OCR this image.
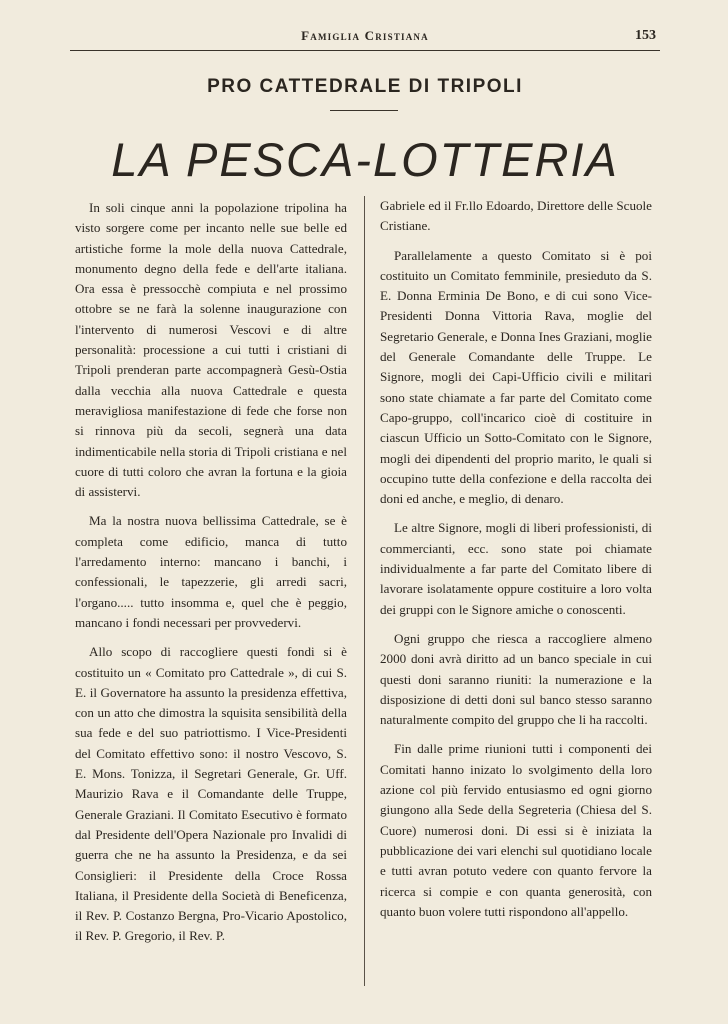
Famiglia Cristiana	153
PRO CATTEDRALE DI TRIPOLI
LA PESCA-LOTTERIA

In soli cinque anni la popolazione tripolina ha visto sorgere come per incanto nelle sue belle ed artistiche forme la mole della nuova Cattedrale, monumento degno della fede e dell'arte italiana. Ora essa è pressocchè compiuta e nel prossimo ottobre se ne farà la solenne inaugurazione con l'intervento di numerosi Vescovi e di altre personalità: processione a cui tutti i cristiani di Tripoli prenderan parte accompagnerà Gesù-Ostia dalla vecchia alla nuova Cattedrale e questa meravigliosa manifestazione di fede che forse non si rinnova più da secoli, segnerà una data indimenticabile nella storia di Tripoli cristiana e nel cuore di tutti coloro che avran la fortuna e la gioia di assistervi.

Ma la nostra nuova bellissima Cattedrale, se è completa come edificio, manca di tutto l'arredamento interno: mancano i banchi, i confessionali, le tapezzerie, gli arredi sacri, l'organo..... tutto insomma e, quel che è peggio, mancano i fondi necessari per provvedervi.

Allo scopo di raccogliere questi fondi si è costituito un « Comitato pro Cattedrale », di cui S. E. il Governatore ha assunto la presidenza effettiva, con un atto che dimostra la squisita sensibilità della sua fede e del suo patriottismo. I Vice-Presidenti del Comitato effettivo sono: il nostro Vescovo, S. E. Mons. Tonizza, il Segretari Generale, Gr. Uff. Maurizio Rava e il Comandante delle Truppe, Generale Graziani. Il Comitato Esecutivo è formato dal Presidente dell'Opera Nazionale pro Invalidi di guerra che ne ha assunto la Presidenza, e da sei Consiglieri: il Presidente della Croce Rossa Italiana, il Presidente della Società di Beneficenza, il Rev. P. Costanzo Bergna, Pro-Vicario Apostolico, il Rev. P. Gregorio, il Rev. P.

Gabriele ed il Fr.llo Edoardo, Direttore delle Scuole Cristiane.

Parallelamente a questo Comitato si è poi costituito un Comitato femminile, presieduto da S. E. Donna Erminia De Bono, e di cui sono Vice-Presidenti Donna Vittoria Rava, moglie del Segretario Generale, e Donna Ines Graziani, moglie del Generale Comandante delle Truppe. Le Signore, mogli dei Capi-Ufficio civili e militari sono state chiamate a far parte del Comitato come Capo-gruppo, coll'incarico cioè di costituire in ciascun Ufficio un Sotto-Comitato con le Signore, mogli dei dipendenti del proprio marito, le quali si occupino tutte della confezione e della raccolta dei doni ed anche, e meglio, di denaro.

Le altre Signore, mogli di liberi professionisti, di commercianti, ecc. sono state poi chiamate individualmente a far parte del Comitato libere di lavorare isolatamente oppure costituire a loro volta dei gruppi con le Signore amiche o conoscenti.

Ogni gruppo che riesca a raccogliere almeno 2000 doni avrà diritto ad un banco speciale in cui questi doni saranno riuniti: la numerazione e la disposizione di detti doni sul banco stesso saranno naturalmente compito del gruppo che li ha raccolti.

Fin dalle prime riunioni tutti i componenti dei Comitati hanno inizato lo svolgimento della loro azione col più fervido entusiasmo ed ogni giorno giungono alla Sede della Segreteria (Chiesa del S. Cuore) numerosi doni. Di essi si è iniziata la pubblicazione dei vari elenchi sul quotidiano locale e tutti avran potuto vedere con quanto fervore la ricerca si compie e con quanta generosità, con quanto buon volere tutti rispondono all'appello.
